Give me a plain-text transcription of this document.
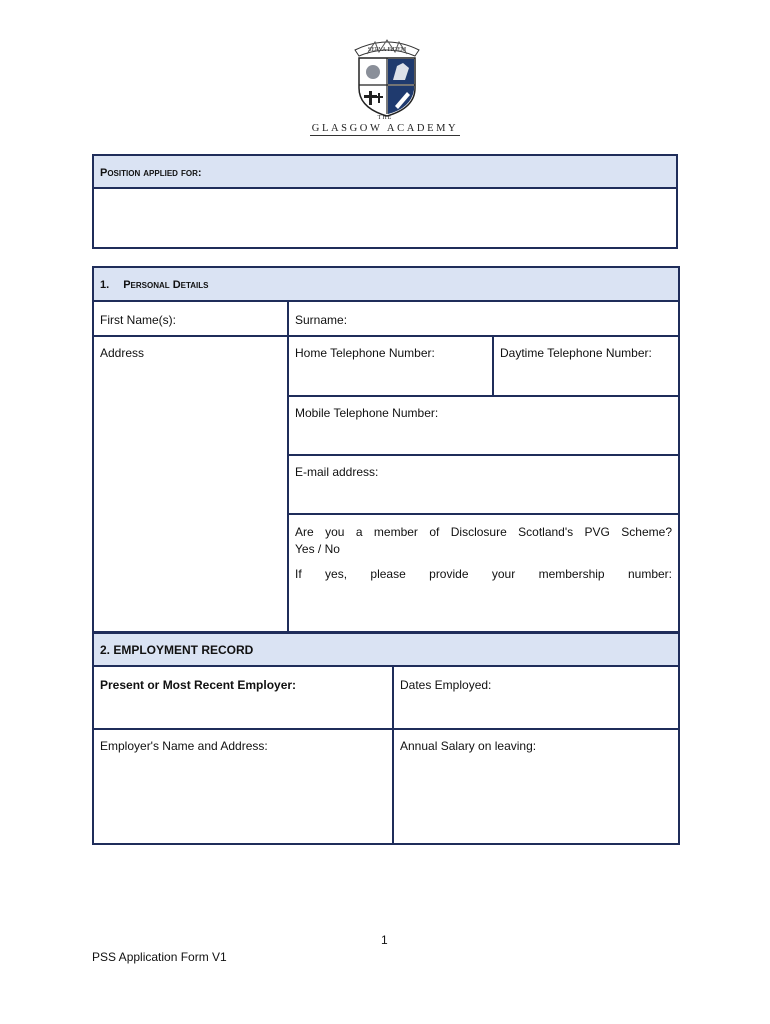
SERVA FIDEM
THE
GLASGOW ACADEMY
Position applied for:
1. Personal Details
First Name(s):	Surname:
Address	Home Telephone Number:	Daytime Telephone Number:
Mobile Telephone Number:
E-mail address:
Are you a member of Disclosure Scotland's PVG Scheme?
Yes / No
If yes, please provide your membership number:
2. EMPLOYMENT RECORD
Present or Most Recent Employer:	Dates Employed:
Employer's Name and Address:	Annual Salary on leaving:
1
PSS Application Form V1
